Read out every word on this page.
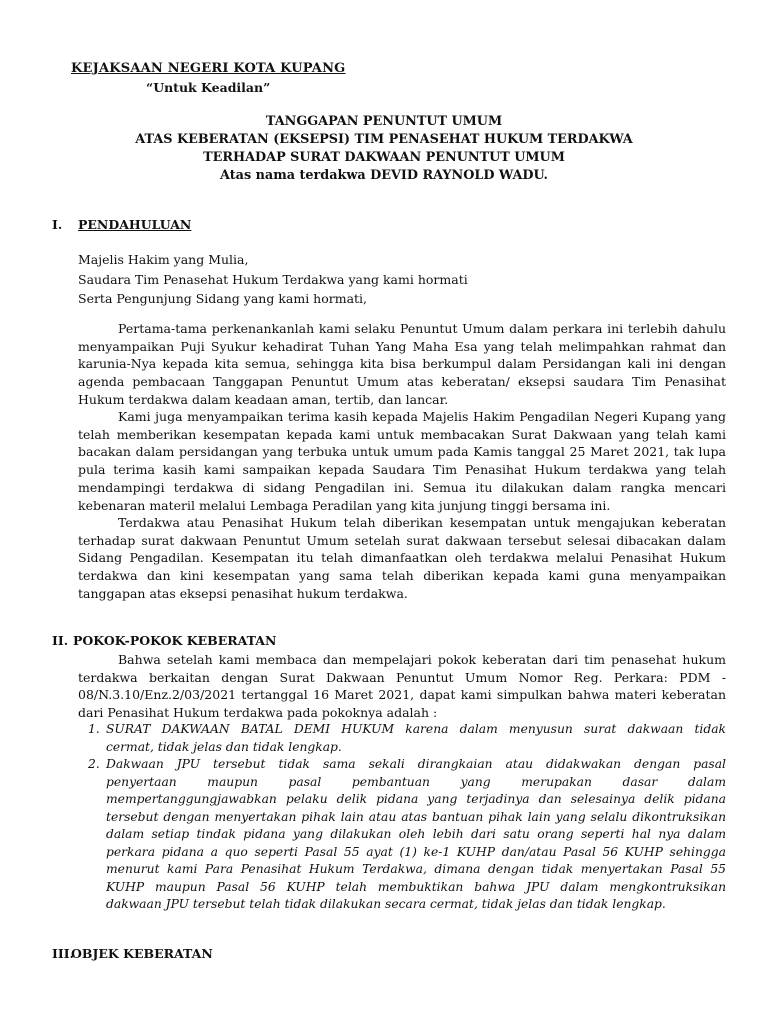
KEJAKSAAN NEGERI KOTA KUPANG
“Untuk Keadilan”
TANGGAPAN PENUNTUT UMUM
ATAS KEBERATAN (EKSEPSI) TIM PENASEHAT HUKUM TERDAKWA
TERHADAP SURAT DAKWAAN PENUNTUT UMUM
Atas nama terdakwa DEVID RAYNOLD WADU.
I. PENDAHULUAN
Majelis Hakim yang Mulia,
Saudara Tim Penasehat Hukum Terdakwa yang kami hormati
Serta Pengunjung Sidang yang kami hormati,
Pertama-tama perkenankanlah kami selaku Penuntut Umum dalam perkara ini terlebih dahulu
menyampaikan Puji Syukur kehadirat Tuhan Yang Maha Esa yang telah melimpahkan rahmat dan
karunia-Nya kepada kita semua, sehingga kita bisa berkumpul dalam Persidangan kali ini dengan
agenda pembacaan Tanggapan Penuntut Umum atas keberatan/ eksepsi saudara Tim Penasihat
Hukum terdakwa dalam keadaan aman, tertib, dan lancar.
Kami juga menyampaikan terima kasih kepada Majelis Hakim Pengadilan Negeri Kupang yang
telah memberikan kesempatan kepada kami untuk membacakan Surat Dakwaan yang telah kami
bacakan dalam persidangan yang terbuka untuk umum pada Kamis tanggal 25 Maret 2021, tak lupa
pula terima kasih kami sampaikan kepada Saudara Tim Penasihat Hukum terdakwa yang telah
mendampingi terdakwa di sidang Pengadilan ini. Semua itu dilakukan dalam rangka mencari
kebenaran materil melalui Lembaga Peradilan yang kita junjung tinggi bersama ini.
Terdakwa atau Penasihat Hukum telah diberikan kesempatan untuk mengajukan keberatan
terhadap surat dakwaan Penuntut Umum setelah surat dakwaan tersebut selesai dibacakan dalam
Sidang Pengadilan. Kesempatan itu telah dimanfaatkan oleh terdakwa melalui Penasihat Hukum
terdakwa dan kini kesempatan yang sama telah diberikan kepada kami guna menyampaikan
tanggapan atas eksepsi penasihat hukum terdakwa.
II. POKOK-POKOK KEBERATAN
Bahwa setelah kami membaca dan mempelajari pokok keberatan dari tim penasehat hukum
terdakwa berkaitan dengan Surat Dakwaan Penuntut Umum Nomor Reg. Perkara: PDM -
08/N.3.10/Enz.2/03/2021 tertanggal 16 Maret 2021, dapat kami simpulkan bahwa materi keberatan
dari Penasihat Hukum terdakwa pada pokoknya adalah :
1. SURAT DAKWAAN BATAL DEMI HUKUM karena dalam menyusun surat dakwaan tidak
cermat, tidak jelas dan tidak lengkap.
2. Dakwaan JPU tersebut tidak sama sekali dirangkaian atau didakwakan dengan pasal
penyertaan maupun pasal pembantuan yang merupakan dasar dalam
mempertanggungjawabkan pelaku delik pidana yang terjadinya dan selesainya delik pidana
tersebut dengan menyertakan pihak lain atau atas bantuan pihak lain yang selalu dikontruksikan
dalam setiap tindak pidana yang dilakukan oleh lebih dari satu orang seperti hal nya dalam
perkara pidana a quo seperti Pasal 55 ayat (1) ke-1 KUHP dan/atau Pasal 56 KUHP sehingga
menurut kami Para Penasihat Hukum Terdakwa, dimana dengan tidak menyertakan Pasal 55
KUHP maupun Pasal 56 KUHP telah membuktikan bahwa JPU dalam mengkontruksikan
dakwaan JPU tersebut telah tidak dilakukan secara cermat, tidak jelas dan tidak lengkap.
III.OBJEK KEBERATAN
